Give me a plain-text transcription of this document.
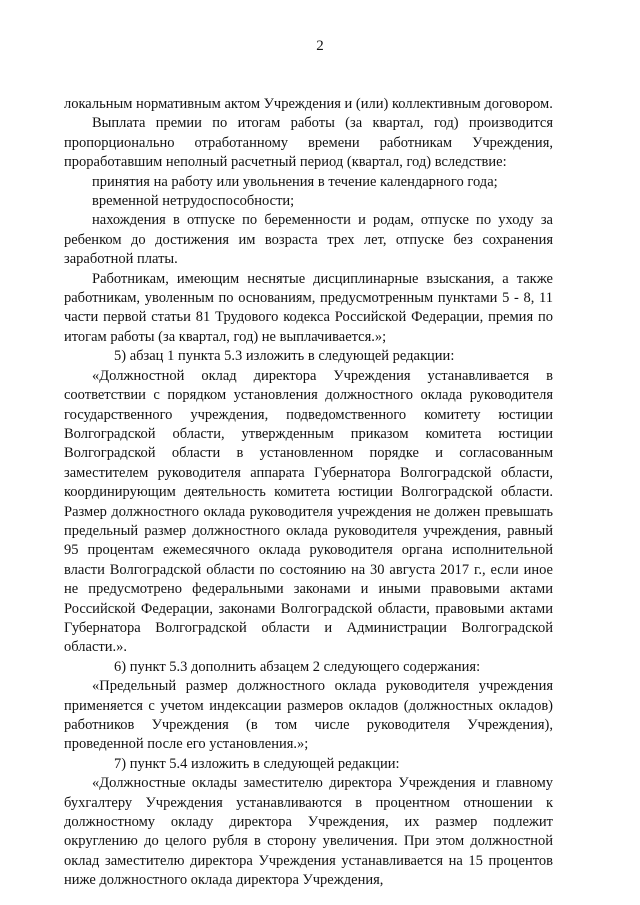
2

локальным нормативным актом Учреждения и (или) коллективным договором.

Выплата премии по итогам работы (за квартал, год) производится пропорционально отработанному времени работникам Учреждения, проработавшим неполный расчетный период (квартал, год) вследствие:

принятия на работу или увольнения в течение календарного года;

временной нетрудоспособности;

нахождения в отпуске по беременности и родам, отпуске по уходу за ребенком до достижения им возраста трех лет, отпуске без сохранения заработной платы.

Работникам, имеющим неснятые дисциплинарные взыскания, а также работникам, уволенным по основаниям, предусмотренным пунктами 5 - 8, 11 части первой статьи 81 Трудового кодекса Российской Федерации, премия по итогам работы (за квартал, год) не выплачивается.»;

5) абзац 1 пункта 5.3 изложить в следующей редакции:

«Должностной оклад директора Учреждения устанавливается в соответствии с порядком установления должностного оклада руководителя государственного учреждения, подведомственного комитету юстиции Волгоградской области, утвержденным приказом комитета юстиции Волгоградской области в установленном порядке и согласованным заместителем руководителя аппарата Губернатора Волгоградской области, координирующим деятельность комитета юстиции Волгоградской области. Размер должностного оклада руководителя учреждения не должен превышать предельный размер должностного оклада руководителя учреждения, равный 95 процентам ежемесячного оклада руководителя органа исполнительной власти Волгоградской области по состоянию на 30 августа 2017 г., если иное не предусмотрено федеральными законами и иными правовыми актами Российской Федерации, законами Волгоградской области, правовыми актами Губернатора Волгоградской области и Администрации Волгоградской области.».

6) пункт 5.3 дополнить абзацем 2 следующего содержания:

«Предельный размер должностного оклада руководителя учреждения применяется с учетом индексации размеров окладов (должностных окладов) работников Учреждения (в том числе руководителя Учреждения), проведенной после его установления.»;

7) пункт 5.4 изложить в следующей редакции:

«Должностные оклады заместителю директора Учреждения и главному бухгалтеру Учреждения устанавливаются в процентном отношении к должностному окладу директора Учреждения, их размер подлежит округлению до целого рубля в сторону увеличения. При этом должностной оклад заместителю директора Учреждения устанавливается на 15 процентов ниже должностного оклада директора Учреждения,
